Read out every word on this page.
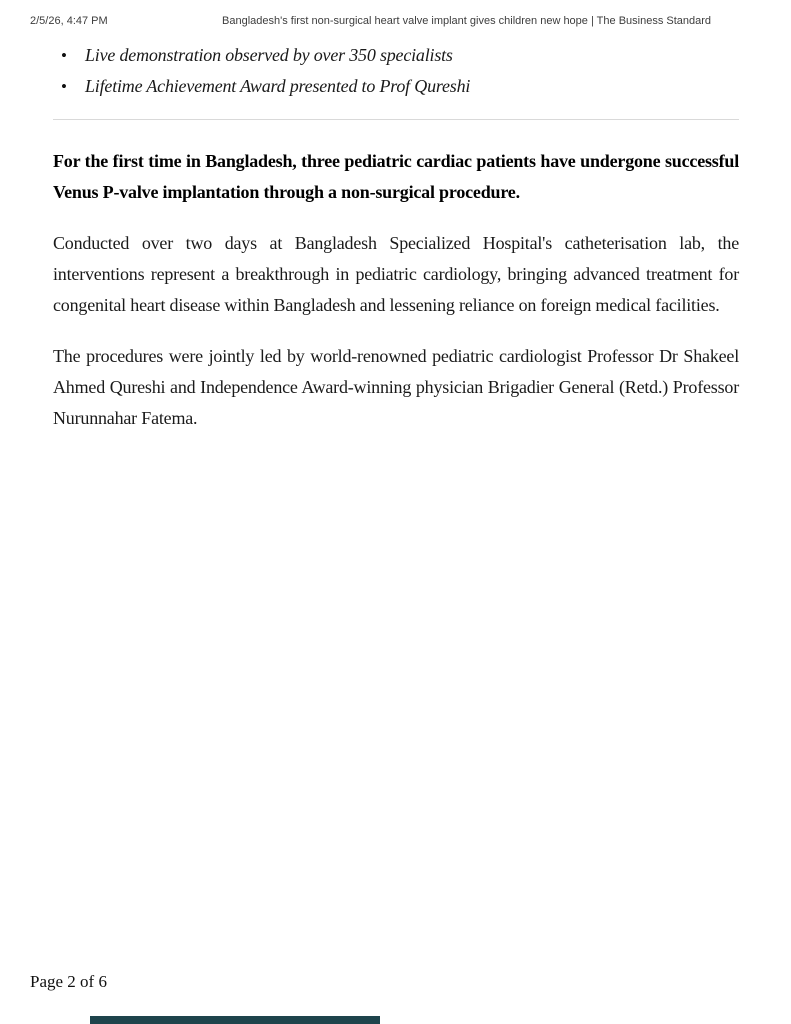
2/5/26, 4:47 PM	Bangladesh's first non-surgical heart valve implant gives children new hope | The Business Standard
•	Live demonstration observed by over 350 specialists
•	Lifetime Achievement Award presented to Prof Qureshi

For the first time in Bangladesh, three pediatric cardiac patients have undergone successful Venus P-valve implantation through a non-surgical procedure.

Conducted over two days at Bangladesh Specialized Hospital's catheterisation lab, the interventions represent a breakthrough in pediatric cardiology, bringing advanced treatment for congenital heart disease within Bangladesh and lessening reliance on foreign medical facilities.

The procedures were jointly led by world-renowned pediatric cardiologist Professor Dr Shakeel Ahmed Qureshi and Independence Award-winning physician Brigadier General (Retd.) Professor Nurunnahar Fatema.

Page 2 of 6
